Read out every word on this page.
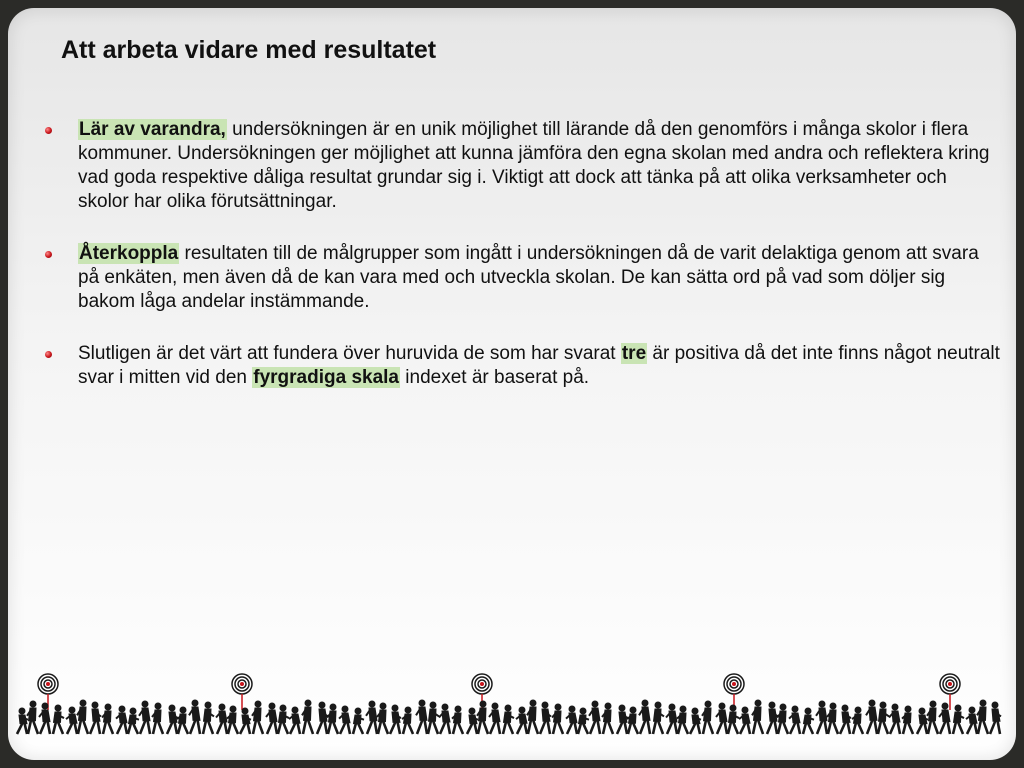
Att arbeta vidare med resultatet
Lär av varandra, undersökningen är en unik möjlighet till lärande då den genomförs i många skolor i flera kommuner. Undersökningen ger möjlighet att kunna jämföra den egna skolan med andra och reflektera kring vad goda respektive dåliga resultat grundar sig i. Viktigt att dock att tänka på att olika verksamheter och skolor har olika förutsättningar.
Återkoppla resultaten till de målgrupper som ingått i undersökningen då de varit delaktiga genom att svara på enkäten, men även då de kan vara med och utveckla skolan. De kan sätta ord på vad som döljer sig bakom låga andelar instämmande.
Slutligen är det värt att fundera över huruvida de som har svarat tre är positiva då det inte finns något neutralt svar i mitten vid den fyrgradiga skala indexet är baserat på.
